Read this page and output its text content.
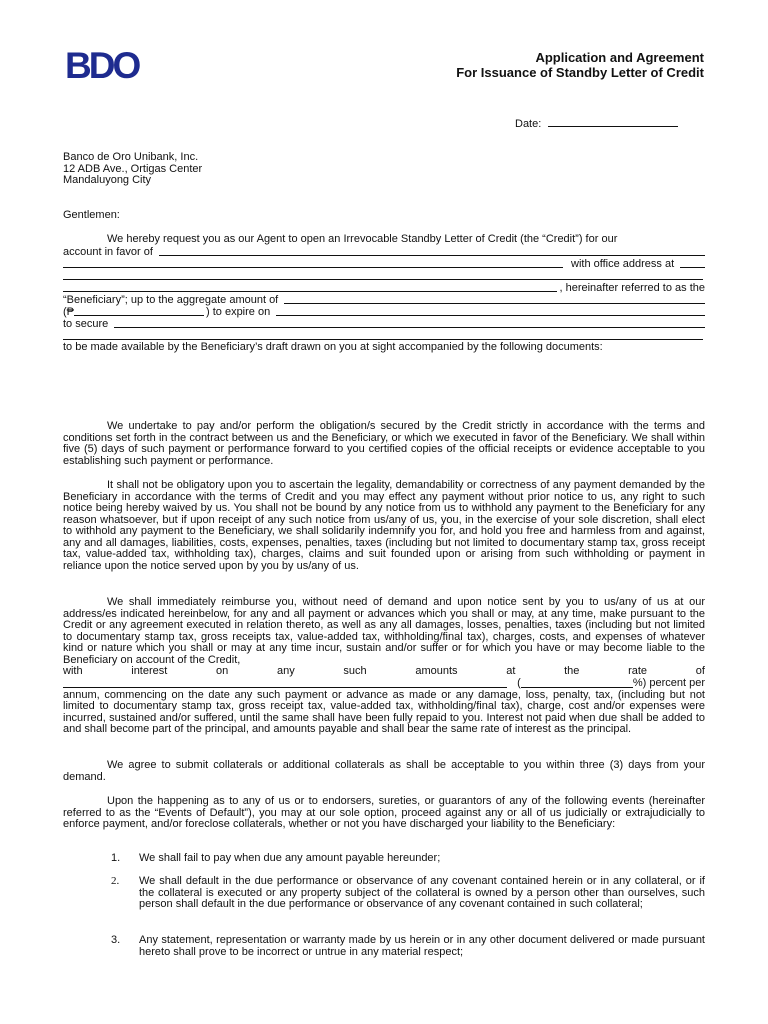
BDO	Application and Agreement
For Issuance of Standby Letter of Credit
Date:
Banco de Oro Unibank, Inc.
12 ADB Ave., Ortigas Center
Mandaluyong City
Gentlemen:
We hereby request you as our Agent to open an Irrevocable Standby Letter of Credit (the “Credit”) for our
account in favor of
with office address at
, hereinafter referred to as the
“Beneficiary”; up to the aggregate amount of
(₱	) to expire on
to secure
to be made available by the Beneficiary’s draft drawn on you at sight accompanied by the following documents:
We undertake to pay and/or perform the obligation/s secured by the Credit strictly in accordance with the terms and conditions set forth in the contract between us and the Beneficiary, or which we executed in favor of the Beneficiary. We shall within five (5) days of such payment or performance forward to you certified copies of the official receipts or evidence acceptable to you establishing such payment or performance.
It shall not be obligatory upon you to ascertain the legality, demandability or correctness of any payment demanded by the Beneficiary in accordance with the terms of Credit and you may effect any payment without prior notice to us, any right to such notice being hereby waived by us. You shall not be bound by any notice from us to withhold any payment to the Beneficiary for any reason whatsoever, but if upon receipt of any such notice from us/any of us, you, in the exercise of your sole discretion, shall elect to withhold any payment to the Beneficiary, we shall solidarily indemnify you for, and hold you free and harmless from and against, any and all damages, liabilities, costs, expenses, penalties, taxes (including but not limited to documentary stamp tax, gross receipt tax, value-added tax, withholding tax), charges, claims and suit founded upon or arising from such withholding or payment in reliance upon the notice served upon by you by us/any of us.
We shall immediately reimburse you, without need of demand and upon notice sent by you to us/any of us at our address/es indicated hereinbelow, for any and all payment or advances which you shall or may, at any time, make pursuant to the Credit or any agreement executed in relation thereto, as well as any all damages, losses, penalties, taxes (including but not limited to documentary stamp tax, gross receipts tax, value-added tax, withholding/final tax), charges, costs, and expenses of whatever kind or nature which you shall or may at any time incur, sustain and/or suffer or for which you have or may become liable to the Beneficiary on account of the Credit,
with	interest	on	any	such	amounts	at	the	rate	of
(	%) percent per
annum, commencing on the date any such payment or advance as made or any damage, loss, penalty, tax, (including but not limited to documentary stamp tax, gross receipt tax, value-added tax, withholding/final tax), charge, cost and/or expenses were incurred, sustained and/or suffered, until the same shall have been fully repaid to you. Interest not paid when due shall be added to and shall become part of the principal, and amounts payable and shall bear the same rate of interest as the principal.
We agree to submit collaterals or additional collaterals as shall be acceptable to you within three (3) days from your demand.
Upon the happening as to any of us or to endorsers, sureties, or guarantors of any of the following events (hereinafter referred to as the “Events of Default”), you may at our sole option, proceed against any or all of us judicially or extrajudicially to enforce payment, and/or foreclose collaterals, whether or not you have discharged your liability to the Beneficiary:
1. We shall fail to pay when due any amount payable hereunder;
2. We shall default in the due performance or observance of any covenant contained herein or in any collateral, or if the collateral is executed or any property subject of the collateral is owned by a person other than ourselves, such person shall default in the due performance or observance of any covenant contained in such collateral;
3. Any statement, representation or warranty made by us herein or in any other document delivered or made pursuant hereto shall prove to be incorrect or untrue in any material respect;
